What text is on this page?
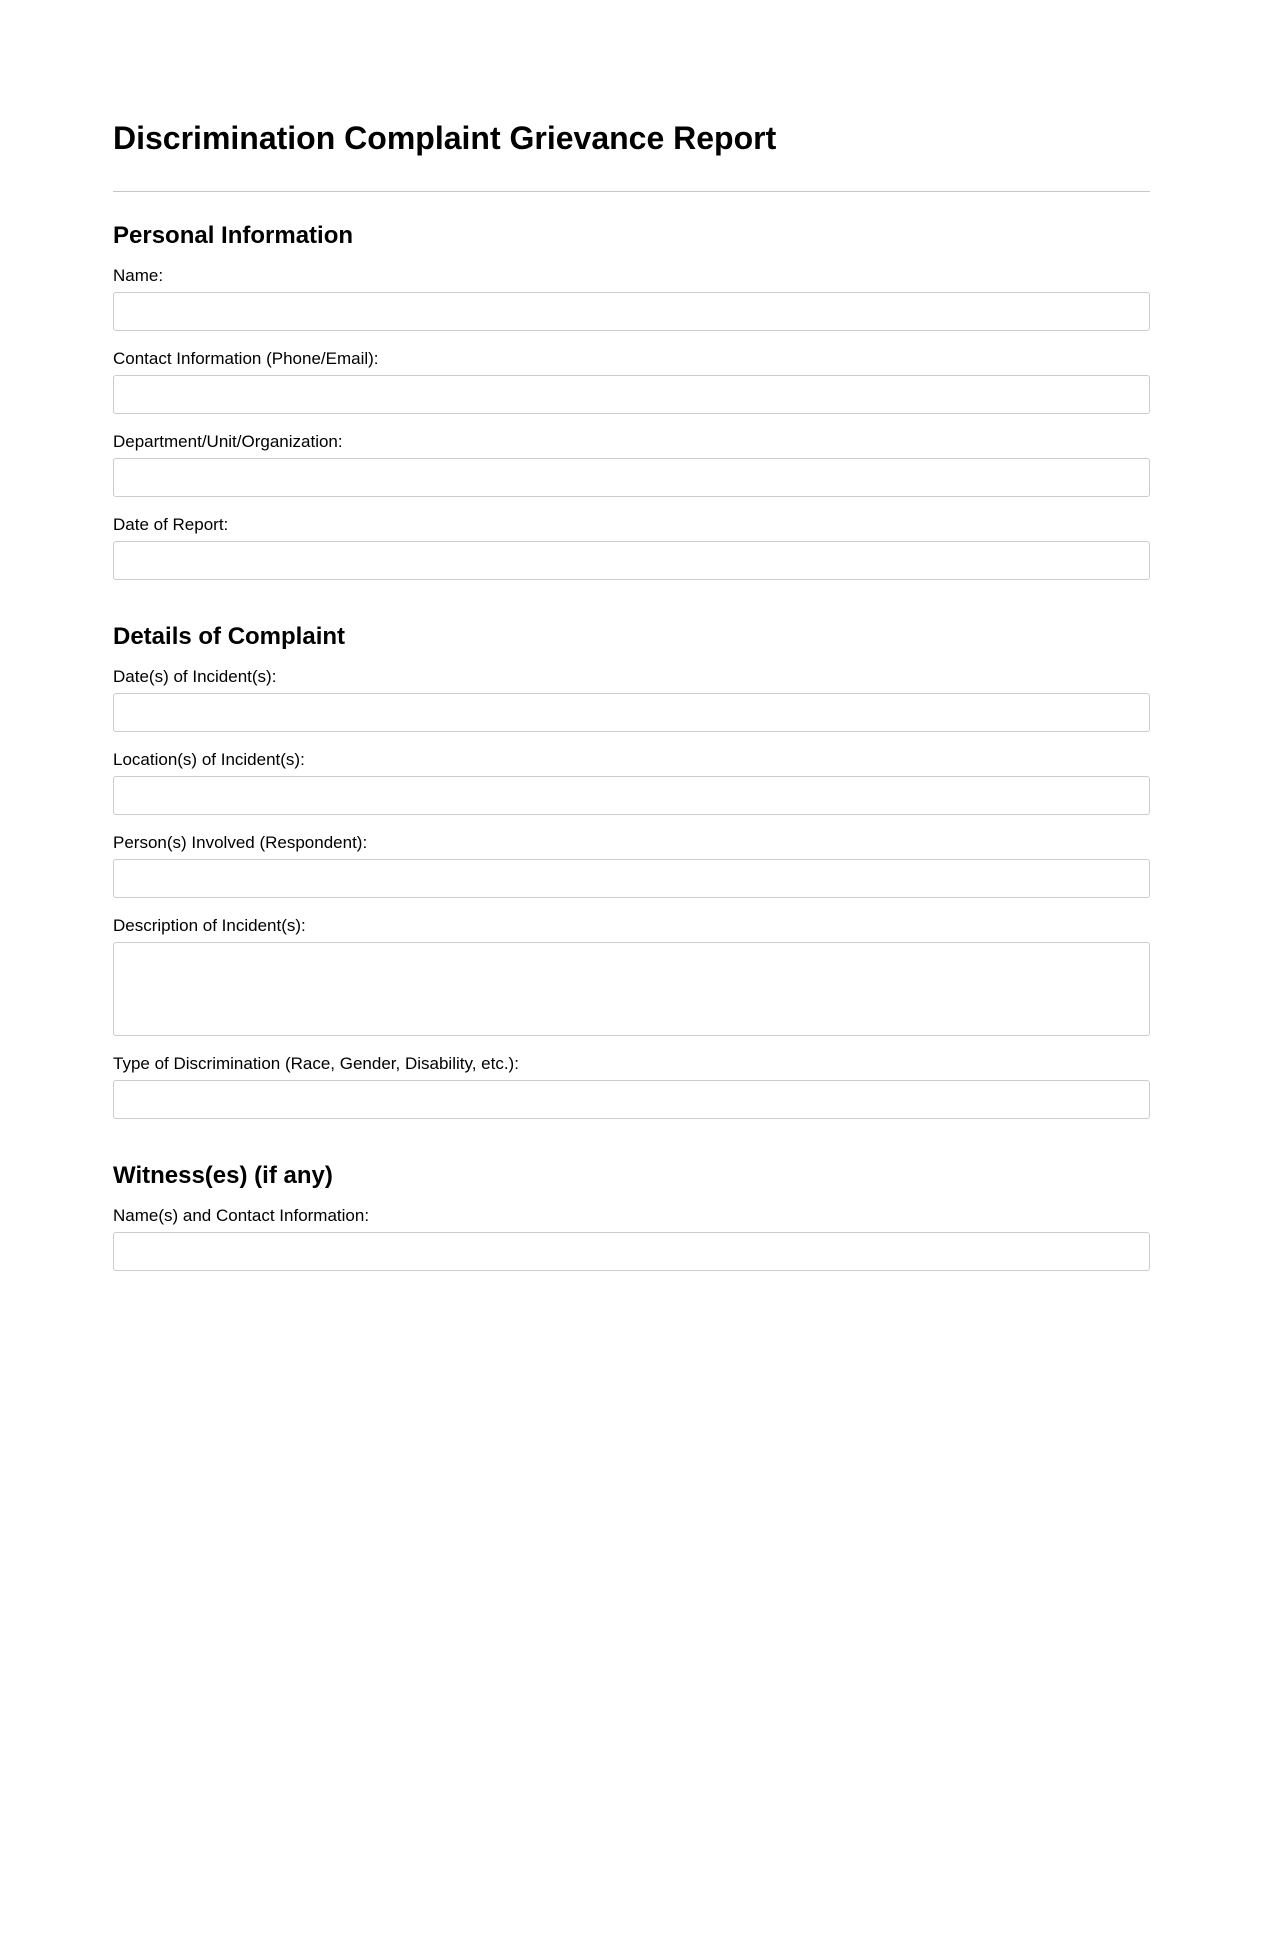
Discrimination Complaint Grievance Report
Personal Information
Name:
Contact Information (Phone/Email):
Department/Unit/Organization:
Date of Report:
Details of Complaint
Date(s) of Incident(s):
Location(s) of Incident(s):
Person(s) Involved (Respondent):
Description of Incident(s):
Type of Discrimination (Race, Gender, Disability, etc.):
Witness(es) (if any)
Name(s) and Contact Information:
